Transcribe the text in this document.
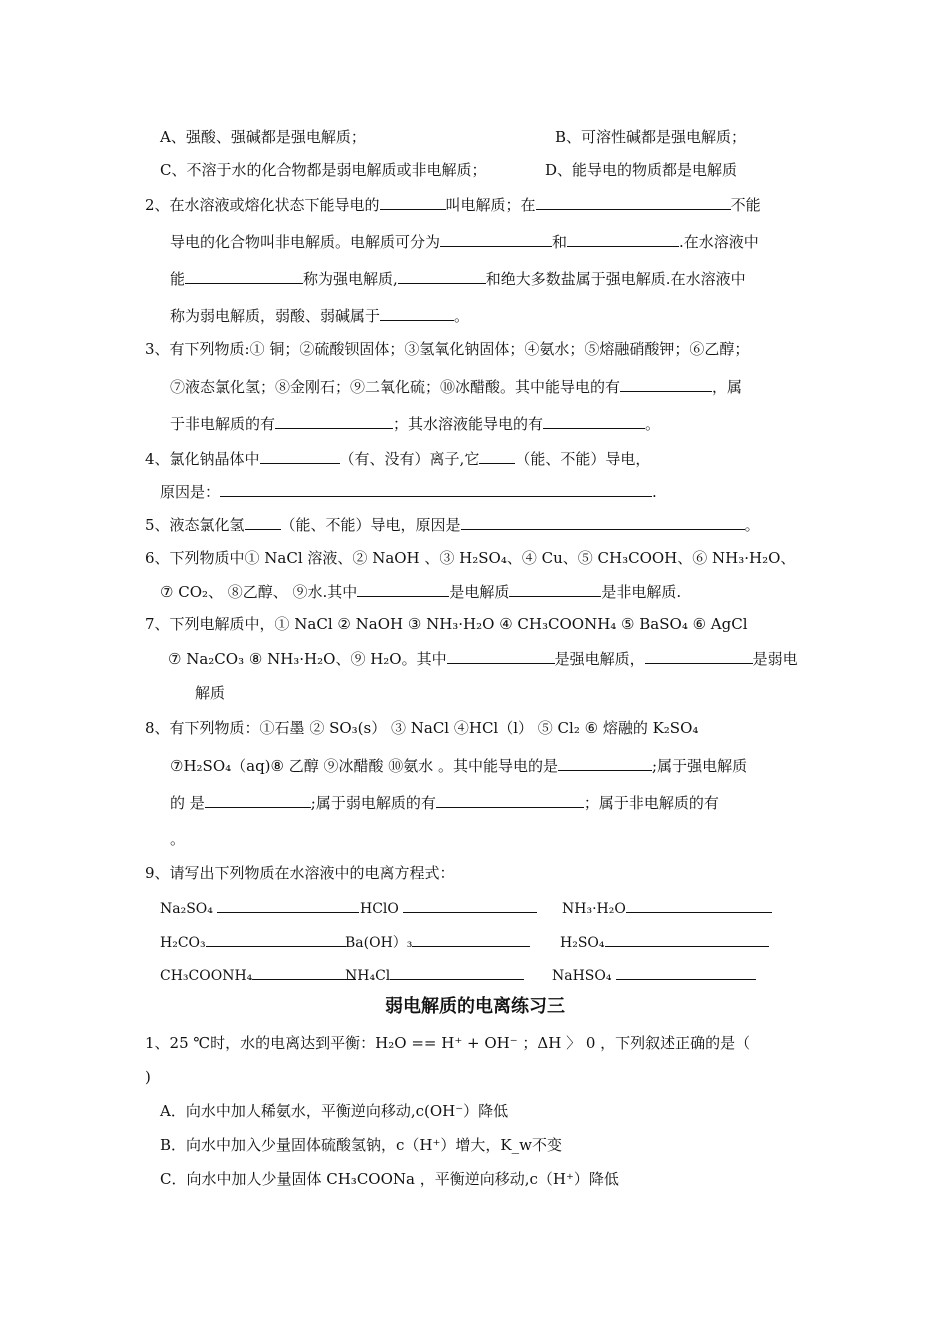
A、强酸、强碱都是强电解质；	B、可溶性碱都是强电解质；
C、不溶于水的化合物都是弱电解质或非电解质；	D、能导电的物质都是电解质
2、在水溶液或熔化状态下能导电的	叫电解质；在	不能
导电的化合物叫非电解质。电解质可分为	和	.在水溶液中
能	称为强电解质,	和绝大多数盐属于强电解质.在水溶液中
称为弱电解质，弱酸、弱碱属于	。
3、有下列物质:① 铜；②硫酸钡固体；③氢氧化钠固体；④氨水；⑤熔融硝酸钾；⑥乙醇；
⑦液态氯化氢；⑧金刚石；⑨二氧化硫；⑩冰醋酸。其中能导电的有	，属
于非电解质的有	；其水溶液能导电的有	。
4、氯化钠晶体中	（有、没有）离子,它 （能、不能）导电，
原因是：	.
5、液态氯化氢 （能、不能）导电，原因是	。
6、下列物质中① NaCl 溶液、② NaOH 、③ H₂SO₄、④ Cu、⑤ CH₃COOH、⑥ NH₃·H₂O、
⑦ CO₂、 ⑧乙醇、 ⑨水.其中	是电解质	是非电解质.
7、下列电解质中，① NaCl ② NaOH ③ NH₃·H₂O ④ CH₃COONH₄ ⑤ BaSO₄ ⑥ AgCl
⑦ Na₂CO₃ ⑧ NH₃·H₂O、⑨ H₂O。其中	是强电解质，	是弱电
解质
8、有下列物质：①石墨 ② SO₃(s） ③ NaCl ④HCl（l） ⑤ Cl₂ ⑥ 熔融的 K₂SO₄
⑦H₂SO₄（aq)⑧ 乙醇 ⑨冰醋酸 ⑩氨水 。其中能导电的是	;属于强电解质
的 是	;属于弱电解质的有	；属于非电解质的有
。
9、请写出下列物质在水溶液中的电离方程式：
Na₂SO₄	HClO	NH₃·H₂O
H₂CO₃	Ba(OH）₃	H₂SO₄
CH₃COONH₄	NH₄Cl	NaHSO₄
弱电解质的电离练习三
1、25 ℃时，水的电离达到平衡：H₂O == H⁺ + OH⁻ ；ΔH 〉 0 ，下列叙述正确的是（
)
A．向水中加人稀氨水，平衡逆向移动,c(OH⁻）降低
B．向水中加入少量固体硫酸氢钠，c（H⁺）增大，K_w不变
C．向水中加人少量固体 CH₃COONa ，平衡逆向移动,c（H⁺）降低
